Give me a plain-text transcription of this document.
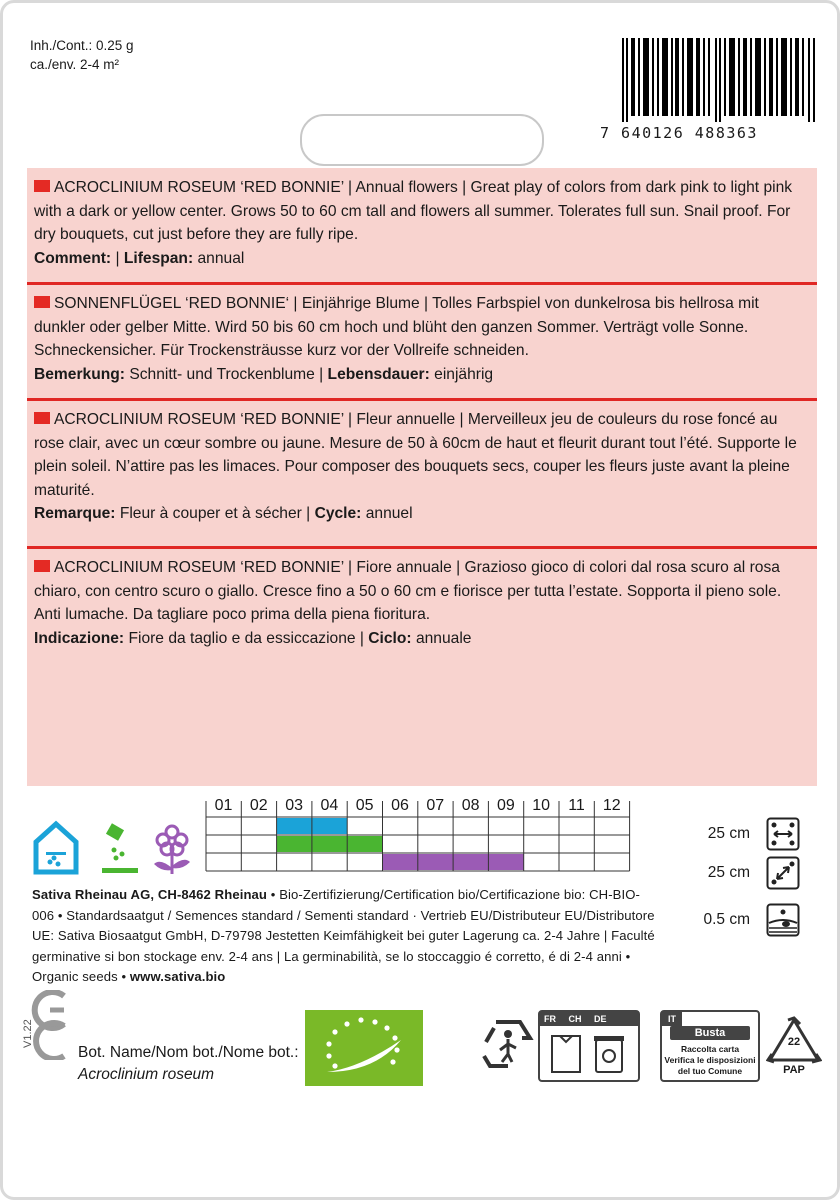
Inh./Cont.: 0.25 g
ca./env. 2-4 m²
7 640126 488363
ACROCLINIUM ROSEUM ‘RED BONNIE’ | Annual flowers | Great play of colors from dark pink to light pink with a dark or yellow center. Grows 50 to 60 cm tall and flowers all summer. Tolerates full sun. Snail proof. For dry bouquets, cut just before they are fully ripe.
Comment: | Lifespan: annual
SONNENFLÜGEL ‘RED BONNIE‘ | Einjährige Blume | Tolles Farbspiel von dunkelrosa bis hellrosa mit dunkler oder gelber Mitte. Wird 50 bis 60 cm hoch und blüht den ganzen Sommer. Verträgt volle Sonne. Schneckensicher. Für Trockensträusse kurz vor der Vollreife schneiden.
Bemerkung: Schnitt- und Trockenblume | Lebensdauer: einjährig
ACROCLINIUM ROSEUM ‘RED BONNIE’ | Fleur annuelle | Merveilleux jeu de couleurs du rose foncé au rose clair, avec un cœur sombre ou jaune. Mesure de 50 à 60cm de haut et fleurit durant tout l’été. Supporte le plein soleil. N’attire pas les limaces. Pour composer des bouquets secs, couper les fleurs juste avant la pleine maturité.
Remarque: Fleur à couper et à sécher | Cycle: annuel
ACROCLINIUM ROSEUM ‘RED BONNIE’ | Fiore annuale | Grazioso gioco di colori dal rosa scuro al rosa chiaro, con centro scuro o giallo. Cresce fino a 50 o 60 cm e fiorisce per tutta l’estate. Sopporta il pieno sole. Anti lumache. Da tagliare poco prima della piena fioritura.
Indicazione: Fiore da taglio e da essiccazione | Ciclo: annuale
01	02	03	04	05	06	07	08	09	10	11	12
25 cm
25 cm
0.5 cm
Sativa Rheinau AG, CH-8462 Rheinau • Bio-Zertifizierung/Certification bio/Certificazione bio: CH-BIO-006 • Standardsaatgut / Semences standard / Sementi standard · Vertrieb EU/Distributeur EU/Distributore UE: Sativa Biosaatgut GmbH, D-79798 Jestetten Keimfähigkeit bei guter Lagerung ca. 2-4 Jahre | Faculté germinative si bon stockage env. 2-4 ans | La germinabilità, se lo stoccaggio é corretto, é di 2-4 anni • Organic seeds • www.sativa.bio
V1.22
Bot. Name/Nom bot./Nome bot.:
Acroclinium roseum
FR CH DE	IT
Busta
Raccolta carta
Verifica le disposizioni
del tuo Comune
22
PAP
